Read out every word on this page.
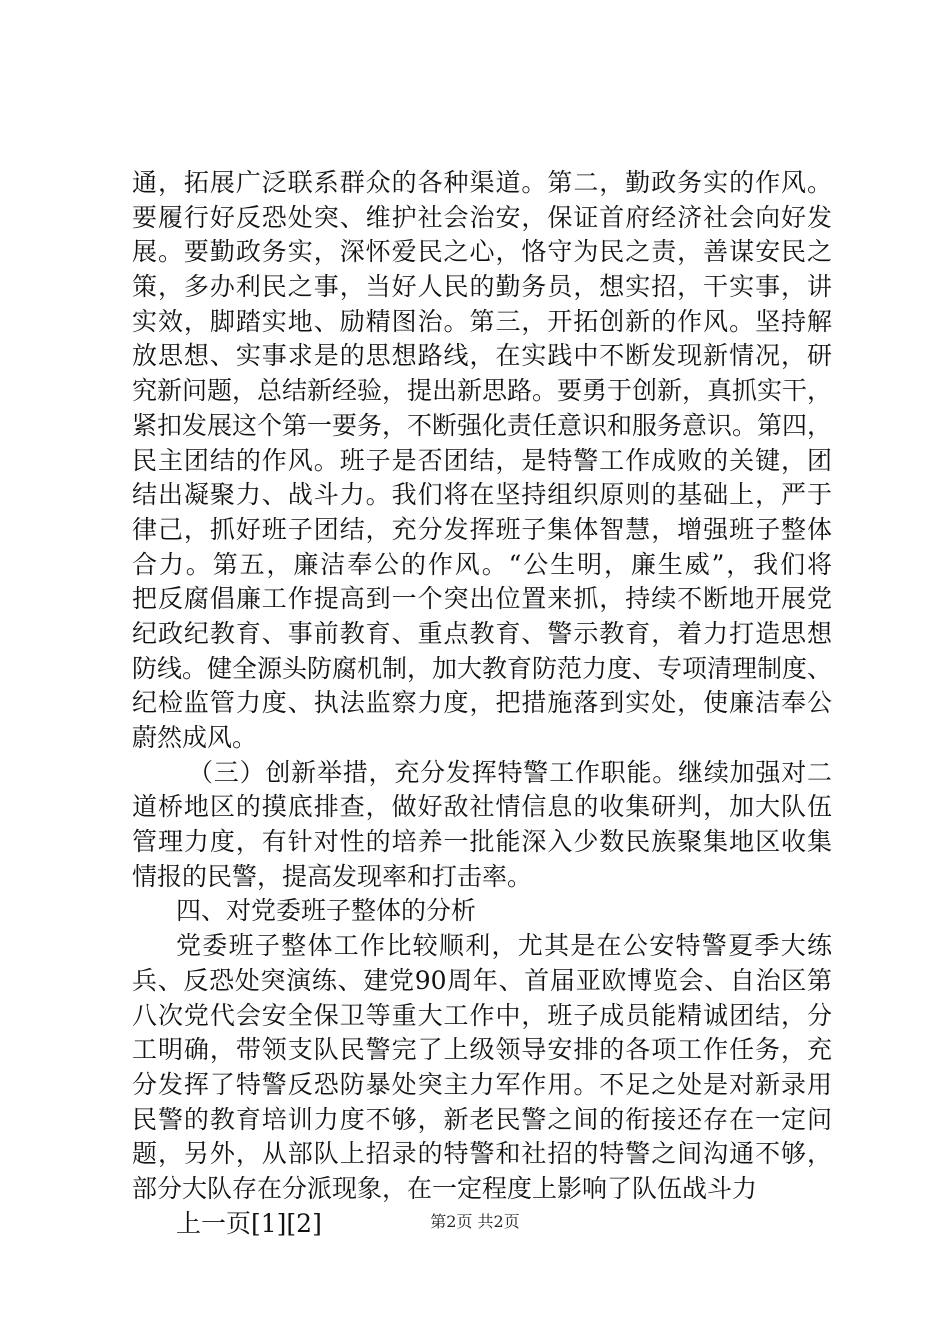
通，拓展广泛联系群众的各种渠道。第二，勤政务实的作风。
要履行好反恐处突、维护社会治安，保证首府经济社会向好发
展。要勤政务实，深怀爱民之心，恪守为民之责，善谋安民之
策，多办利民之事，当好人民的勤务员，想实招，干实事，讲
实效，脚踏实地、励精图治。第三，开拓创新的作风。坚持解
放思想、实事求是的思想路线，在实践中不断发现新情况，研
究新问题，总结新经验，提出新思路。要勇于创新，真抓实干，
紧扣发展这个第一要务，不断强化责任意识和服务意识。第四，
民主团结的作风。班子是否团结，是特警工作成败的关键，团
结出凝聚力、战斗力。我们将在坚持组织原则的基础上，严于
律己，抓好班子团结，充分发挥班子集体智慧，增强班子整体
合力。第五，廉洁奉公的作风。“公生明，廉生威”，我们将
把反腐倡廉工作提高到一个突出位置来抓，持续不断地开展党
纪政纪教育、事前教育、重点教育、警示教育，着力打造思想
防线。健全源头防腐机制，加大教育防范力度、专项清理制度、
纪检监管力度、执法监察力度，把措施落到实处，使廉洁奉公
蔚然成风。
（三）创新举措，充分发挥特警工作职能。继续加强对二
道桥地区的摸底排查，做好敌社情信息的收集研判，加大队伍
管理力度，有针对性的培养一批能深入少数民族聚集地区收集
情报的民警，提高发现率和打击率。
四、对党委班子整体的分析
党委班子整体工作比较顺利，尤其是在公安特警夏季大练
兵、反恐处突演练、建党90周年、首届亚欧博览会、自治区第
八次党代会安全保卫等重大工作中，班子成员能精诚团结，分
工明确，带领支队民警完了上级领导安排的各项工作任务，充
分发挥了特警反恐防暴处突主力军作用。不足之处是对新录用
民警的教育培训力度不够，新老民警之间的衔接还存在一定问
题，另外，从部队上招录的特警和社招的特警之间沟通不够，
部分大队存在分派现象，在一定程度上影响了队伍战斗力
上一页[1][2]	第2页 共2页
